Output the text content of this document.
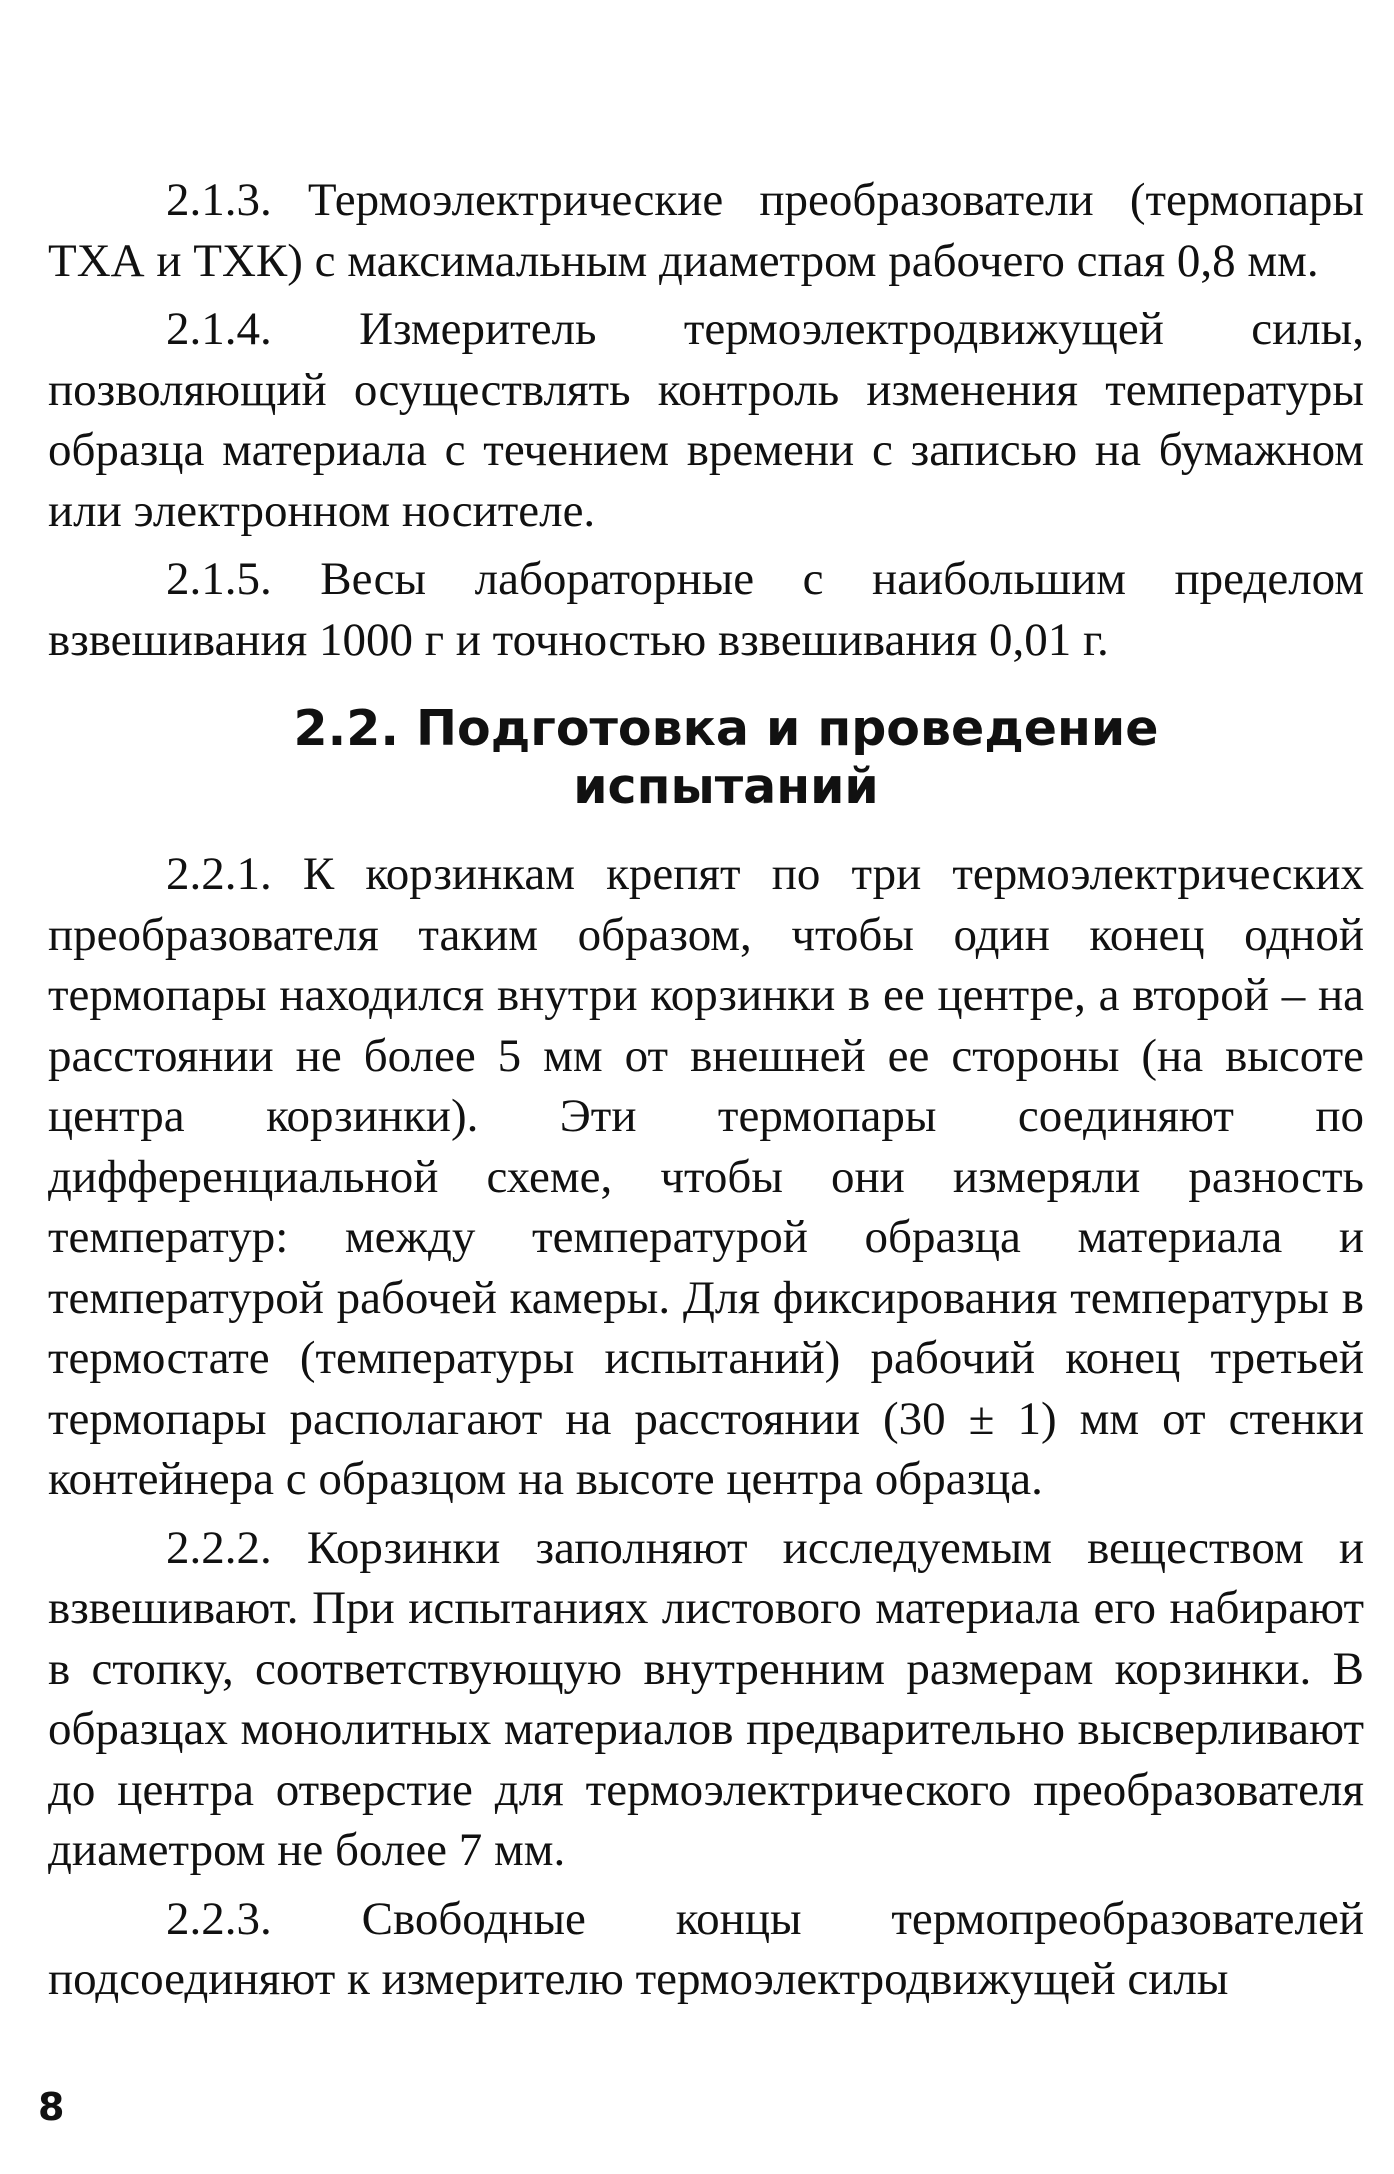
2.1.3. Термоэлектрические преобразователи (термопары ТХА и ТХК) с максимальным диаметром рабочего спая 0,8 мм.

2.1.4. Измеритель термоэлектродвижущей силы, позволяющий осуществлять контроль изменения температуры образца материала с течением времени с записью на бумажном или электронном носителе.

2.1.5. Весы лабораторные с наибольшим пределом взвешивания 1000 г и точностью взвешивания 0,01 г.

2.2. Подготовка и проведение
испытаний

2.2.1. К корзинкам крепят по три термоэлектрических преобразователя таким образом, чтобы один конец одной термопары находился внутри корзинки в ее центре, а второй – на расстоянии не более 5 мм от внешней ее стороны (на высоте центра корзинки). Эти термопары соединяют по дифференциальной схеме, чтобы они измеряли разность температур: между температурой образца материала и температурой рабочей камеры. Для фиксирования температуры в термостате (температуры испытаний) рабочий конец третьей термопары располагают на расстоянии (30 ± 1) мм от стенки контейнера с образцом на высоте центра образца.

2.2.2. Корзинки заполняют исследуемым веществом и взвешивают. При испытаниях листового материала его набирают в стопку, соответствующую внутренним размерам корзинки. В образцах монолитных материалов предварительно высверливают до центра отверстие для термоэлектрического преобразователя диаметром не более 7 мм.

2.2.3. Свободные концы термопреобразователей подсоединяют к измерителю термоэлектродвижущей силы

8
